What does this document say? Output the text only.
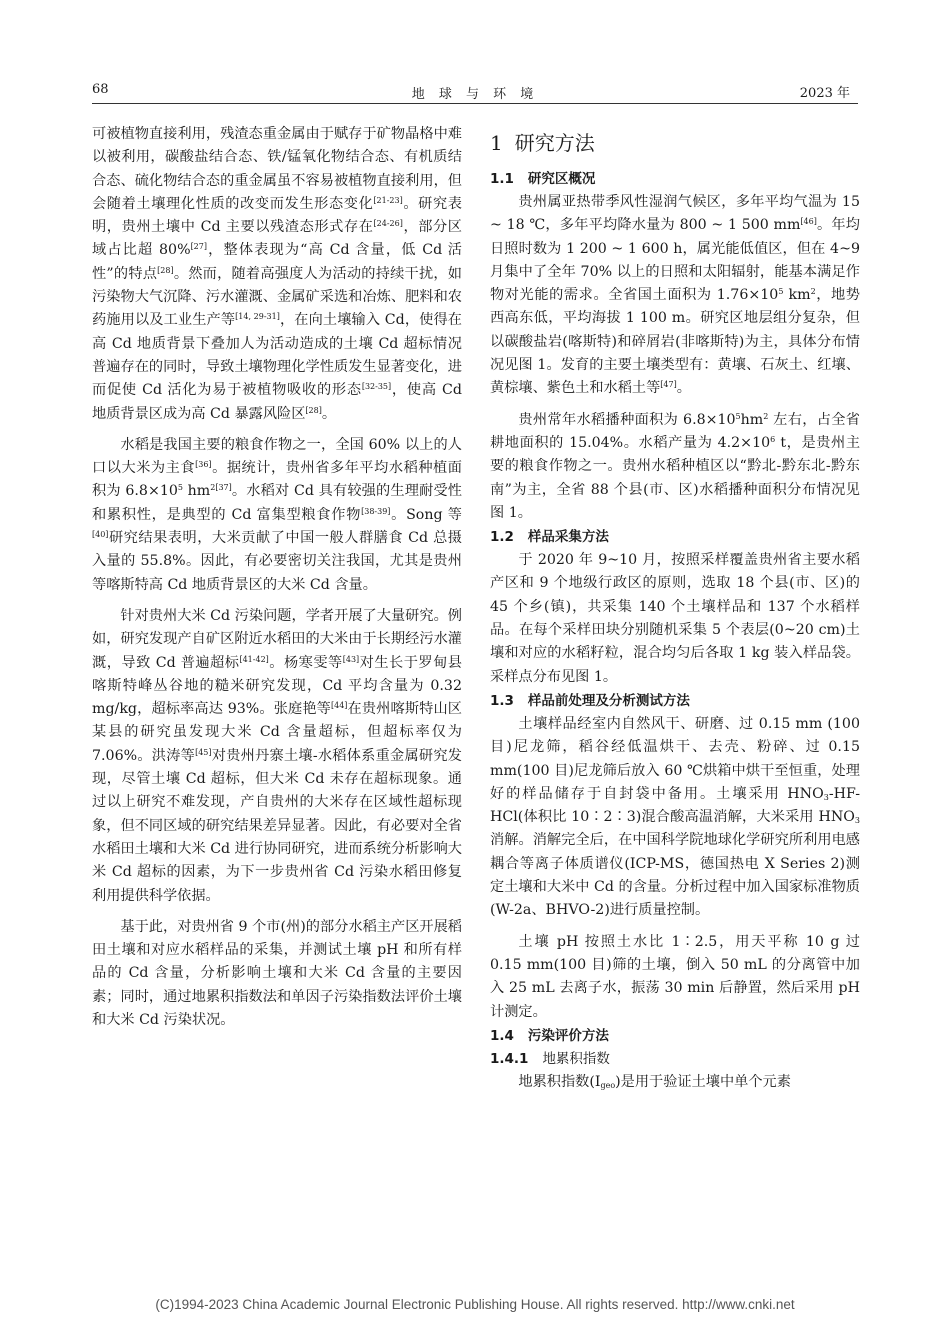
68	地 球 与 环 境	2023 年

可被植物直接利用，残渣态重金属由于赋存于矿物晶格中难以被利用，碳酸盐结合态、铁/锰氧化物结合态、有机质结合态、硫化物结合态的重金属虽不容易被植物直接利用，但会随着土壤理化性质的改变而发生形态变化[21-23]。研究表明，贵州土壤中 Cd 主要以残渣态形式存在[24-26]，部分区域占比超 80%[27]，整体表现为“高 Cd 含量，低 Cd 活性”的特点[28]。然而，随着高强度人为活动的持续干扰，如污染物大气沉降、污水灌溉、金属矿采选和冶炼、肥料和农药施用以及工业生产等[14, 29-31]，在向土壤输入 Cd，使得在高 Cd 地质背景下叠加人为活动造成的土壤 Cd 超标情况普遍存在的同时，导致土壤物理化学性质发生显著变化，进而促使 Cd 活化为易于被植物吸收的形态[32-35]，使高 Cd 地质背景区成为高 Cd 暴露风险区[28]。

水稻是我国主要的粮食作物之一，全国 60% 以上的人口以大米为主食[36]。据统计，贵州省多年平均水稻种植面积为 $6.8\times 10^5$ $hm^{2[37]}$。水稻对 Cd 具有较强的生理耐受性和累积性，是典型的 Cd 富集型粮食作物[38-39]。Song 等[40]研究结果表明，大米贡献了中国一般人群膳食 Cd 总摄入量的 55.8%。因此，有必要密切关注我国，尤其是贵州等喀斯特高 Cd 地质背景区的大米 Cd 含量。

针对贵州大米 Cd 污染问题，学者开展了大量研究。例如，研究发现产自矿区附近水稻田的大米由于长期经污水灌溉，导致 Cd 普遍超标[41-42]。杨寒雯等[43]对生长于罗甸县喀斯特峰丛谷地的糙米研究发现，Cd 平均含量为 0.32 mg/kg，超标率高达 93%。张庭艳等[44]在贵州喀斯特山区某县的研究虽发现大米 Cd 含量超标，但超标率仅为 7.06%。洪涛等[45]对贵州丹寨土壤-水稻体系重金属研究发现，尽管土壤 Cd 超标，但大米 Cd 未存在超标现象。通过以上研究不难发现，产自贵州的大米存在区域性超标现象，但不同区域的研究结果差异显著。因此，有必要对全省水稻田土壤和大米 Cd 进行协同研究，进而系统分析影响大米 Cd 超标的因素，为下一步贵州省 Cd 污染水稻田修复利用提供科学依据。

基于此，对贵州省 9 个市(州)的部分水稻主产区开展稻田土壤和对应水稻样品的采集，并测试土壤 pH 和所有样品的 Cd 含量，分析影响土壤和大米 Cd 含量的主要因素；同时，通过地累积指数法和单因子污染指数法评价土壤和大米 Cd 污染状况。

1 研究方法
1.1 研究区概况

贵州属亚热带季风性湿润气候区，多年平均气温为 15 ~ 18 ℃，多年平均降水量为 800 ~ 1 500 mm[46]。年均日照时数为 1 200 ~ 1 600 h，属光能低值区，但在 4~9 月集中了全年 70% 以上的日照和太阳辐射，能基本满足作物对光能的需求。全省国土面积为 $1.76\times 10^5$ $km^2$，地势西高东低，平均海拔 1 100 m。研究区地层组分复杂，但以碳酸盐岩(喀斯特)和碎屑岩(非喀斯特)为主，具体分布情况见图 1。发育的主要土壤类型有：黄壤、石灰土、红壤、黄棕壤、紫色土和水稻土等[47]。

贵州常年水稻播种面积为 $6.8\times 10^5hm^2$ 左右，占全省耕地面积的 15.04%。水稻产量为 $4.2\times 10^6$ t，是贵州主要的粮食作物之一。贵州水稻种植区以“黔北-黔东北-黔东南”为主，全省 88 个县(市、区)水稻播种面积分布情况见图 1。

1.2 样品采集方法

于 2020 年 9~10 月，按照采样覆盖贵州省主要水稻产区和 9 个地级行政区的原则，选取 18 个县(市、区)的 45 个乡(镇)，共采集 140 个土壤样品和 137 个水稻样品。在每个采样田块分别随机采集 5 个表层(0~20 cm)土壤和对应的水稻籽粒，混合均匀后各取 1 kg 装入样品袋。采样点分布见图 1。

1.3 样品前处理及分析测试方法

土壤样品经室内自然风干、研磨、过 0.15 mm (100 目)尼龙筛，稻谷经低温烘干、去壳、粉碎、过 0.15 mm(100 目)尼龙筛后放入 60 ℃烘箱中烘干至恒重，处理好的样品储存于自封袋中备用。土壤采用 $HNO_3-HF-$ HCl(体积比 10∶2∶3)混合酸高温消解，大米采用 $HNO_3$ 消解。消解完全后，在中国科学院地球化学研究所利用电感耦合等离子体质谱仪(ICP-MS，德国热电 X Series 2)测定土壤和大米中 Cd 的含量。分析过程中加入国家标准物质(W-2a、BHVO-2)进行质量控制。

土壤 pH 按照土水比 1∶2.5，用天平称 10 g 过 0.15 mm(100 目)筛的土壤，倒入 50 mL 的分离管中加入 25 mL 去离子水，振荡 30 min 后静置，然后采用 pH 计测定。

1.4 污染评价方法
1.4.1 地累积指数

地累积指数$(I_{geo})$是用于验证土壤中单个元素

(C)1994-2023 China Academic Journal Electronic Publishing House. All rights reserved. http://www.cnki.net
